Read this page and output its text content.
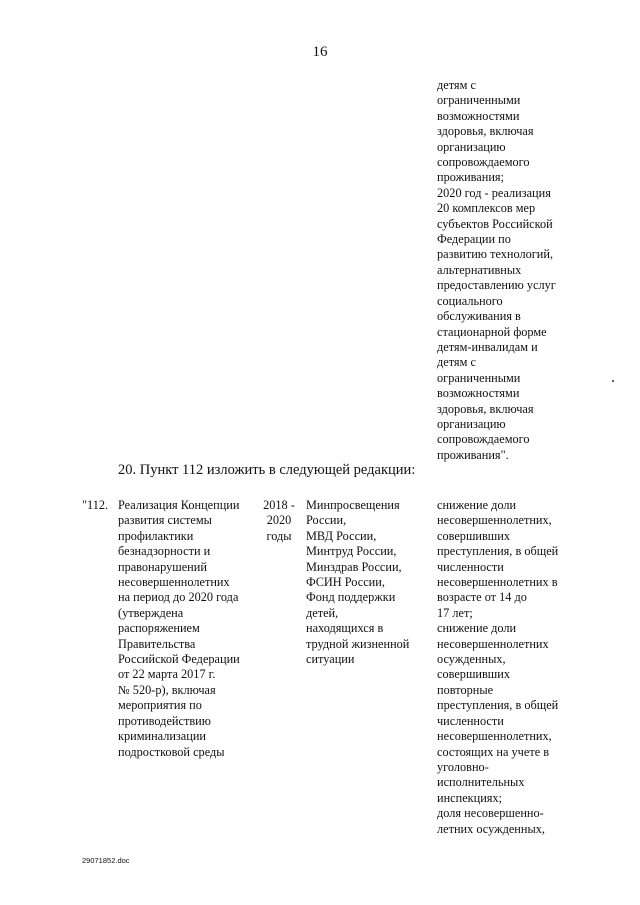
16
детям с
ограниченными
возможностями
здоровья, включая
организацию
сопровождаемого
проживания;
2020 год - реализация
20 комплексов мер
субъектов Российской
Федерации по
развитию технологий,
альтернативных
предоставлению услуг
социального
обслуживания в
стационарной форме
детям-инвалидам и
детям с
ограниченными
возможностями
здоровья, включая
организацию
сопровождаемого
проживания".
20. Пункт 112 изложить в следующей редакции:
"112. Реализация Концепции
развития системы
профилактики
безнадзорности и
правонарушений
несовершеннолетних
на период до 2020 года
(утверждена
распоряжением
Правительства
Российской Федерации
от 22 марта 2017 г.
№ 520-р), включая
мероприятия по
противодействию
криминализации
подростковой среды
2018 -
2020
годы
Минпросвещения
России,
МВД России,
Минтруд России,
Минздрав России,
ФСИН России,
Фонд поддержки
детей,
находящихся в
трудной жизненной
ситуации
снижение доли
несовершеннолетних,
совершивших
преступления, в общей
численности
несовершеннолетних в
возрасте от 14 до
17 лет;
снижение доли
несовершеннолетних
осужденных,
совершивших
повторные
преступления, в общей
численности
несовершеннолетних,
состоящих на учете в
уголовно-
исполнительных
инспекциях;
доля несовершенно-
летних осужденных,
29071852.doc
